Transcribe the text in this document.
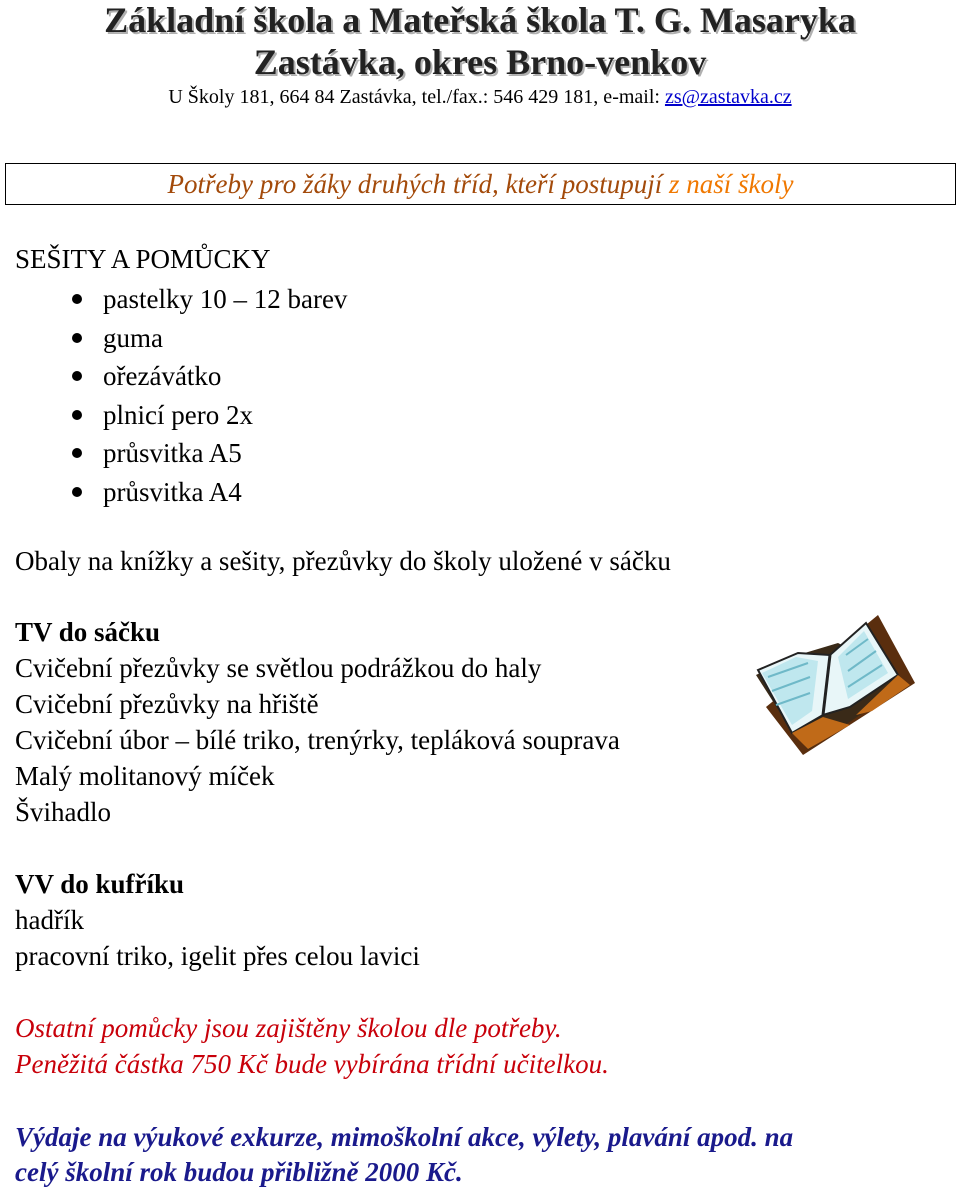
Základní škola a Mateřská škola T. G. Masaryka
Zastávka, okres Brno-venkov
U Školy 181, 664 84 Zastávka, tel./fax.: 546 429 181, e-mail: zs@zastavka.cz
Potřeby pro žáky druhých tříd, kteří postupují z naší školy
SEŠITY A POMŮCKY
pastelky 10 – 12 barev
guma
ořezávátko
plnicí pero 2x
průsvitka A5
průsvitka A4
Obaly na knížky a sešity, přezůvky do školy uložené v sáčku
TV do sáčku
Cvičební přezůvky se světlou podrážkou do haly
Cvičební přezůvky na hřiště
Cvičební úbor – bílé triko, trenýrky, tepláková souprava
Malý molitanový míček
Švihadlo
VV do kufříku
hadřík
pracovní triko, igelit přes celou lavici
Ostatní pomůcky jsou zajištěny školou dle potřeby.
Peněžitá částka 750 Kč bude vybírána třídní učitelkou.
Výdaje na výukové exkurze, mimoškolní akce, výlety, plavání apod. na
celý školní rok budou přibližně 2000 Kč.
